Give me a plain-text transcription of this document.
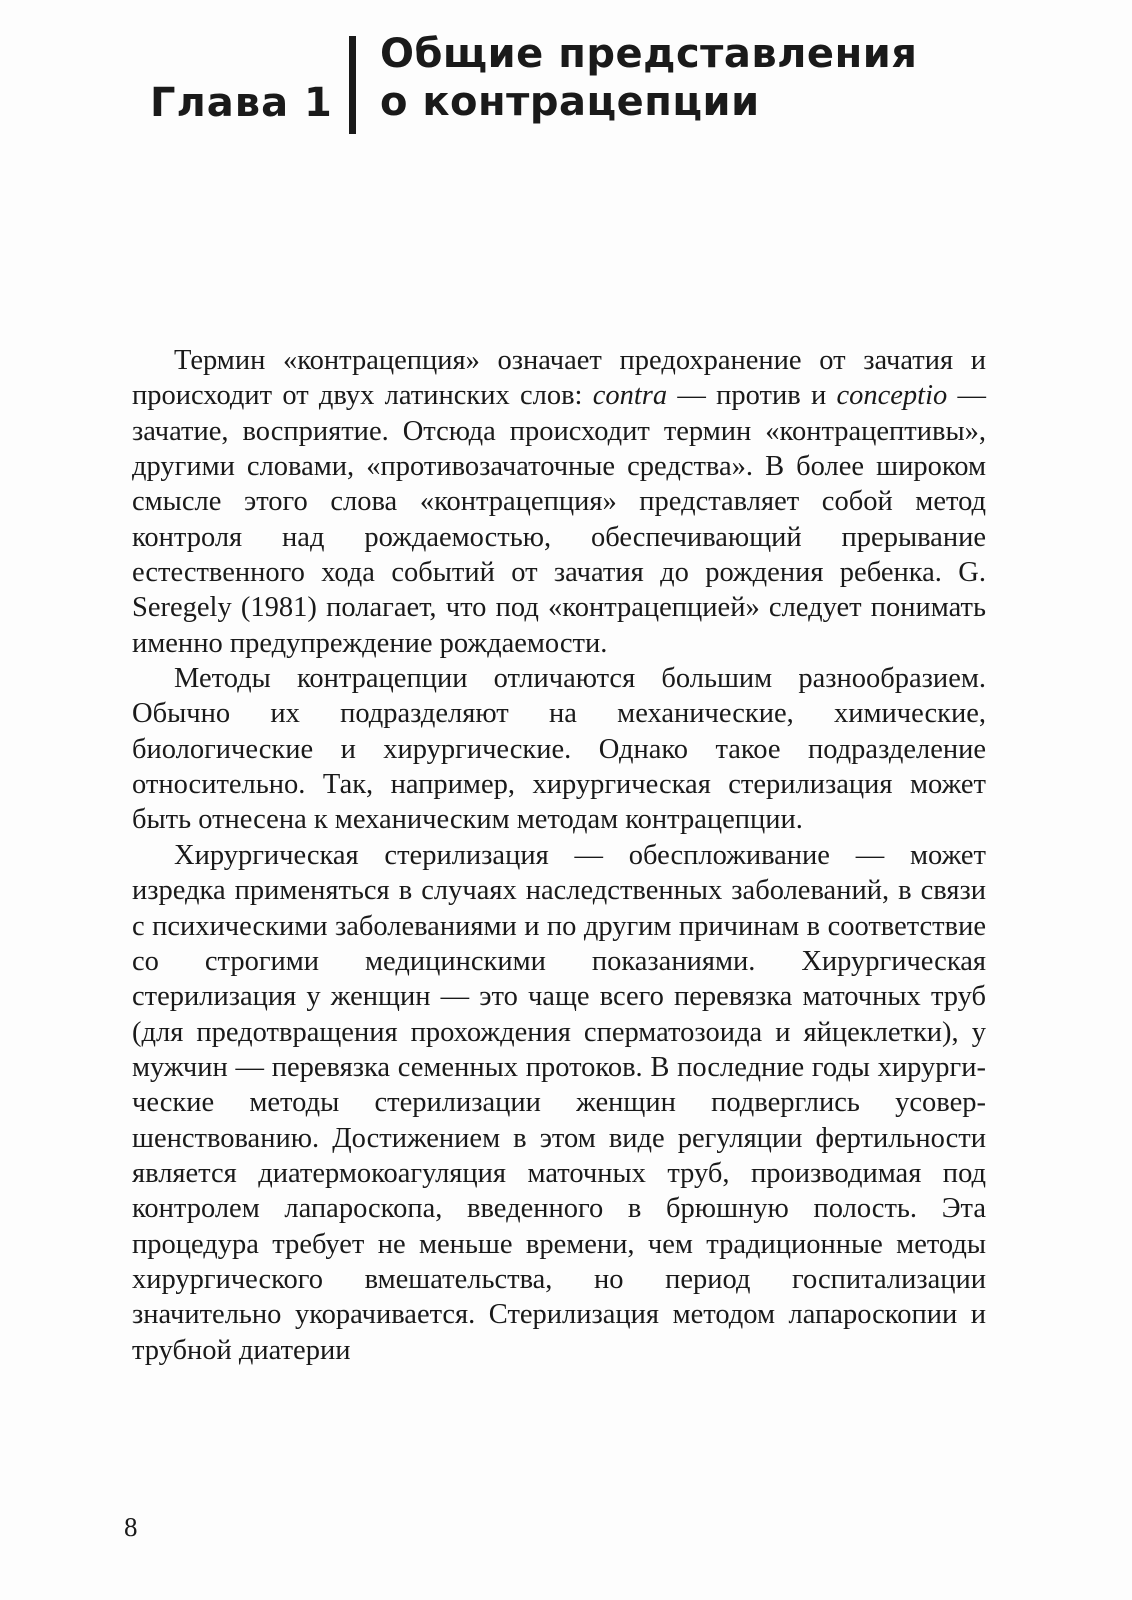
Глава 1
Общие представления
о контрацепции

Термин «контрацепция» означает предохранение от зачатия и происходит от двух латинских слов: contra — против и conceptio — зачатие, восприятие. Отсюда происходит термин «контрацептивы», другими словами, «противозачаточные средства». В более широком смысле этого слова «контрацепция» представляет собой метод контроля над рождаемостью, обеспечивающий прерывание естественного хода событий от зачатия до рождения ребенка. G. Seregely (1981) полагает, что под «контрацепцией» следует понимать именно предупреждение рождаемости.

Методы контрацепции отличаются большим разнообразием. Обычно их подразделяют на механические, химические, биологические и хирургические. Однако такое подразделение относительно. Так, например, хирургическая стерилизация может быть отнесена к механическим методам контрацепции.

Хирургическая стерилизация — обеспложивание — может изредка применяться в случаях наследственных заболеваний, в связи с психическими заболеваниями и по другим причинам в соответствие со строгими медицинскими показаниями. Хирургическая стерилизация у женщин — это чаще всего перевязка маточных труб (для предотвращения прохождения сперматозоида и яйцеклетки), у мужчин — перевязка семенных протоков. В последние годы хирургические методы стерилизации женщин подверглись усовершенствованию. Достижением в этом виде регуляции фертильности является диатермокоагуляция маточных труб, производимая под контролем лапароскопа, введенного в брюшную полость. Эта процедура требует не меньше времени, чем традиционные методы хирургического вмешательства, но период госпитализации значительно укорачивается. Стерилизация методом лапароскопии и трубной диатерии

8
